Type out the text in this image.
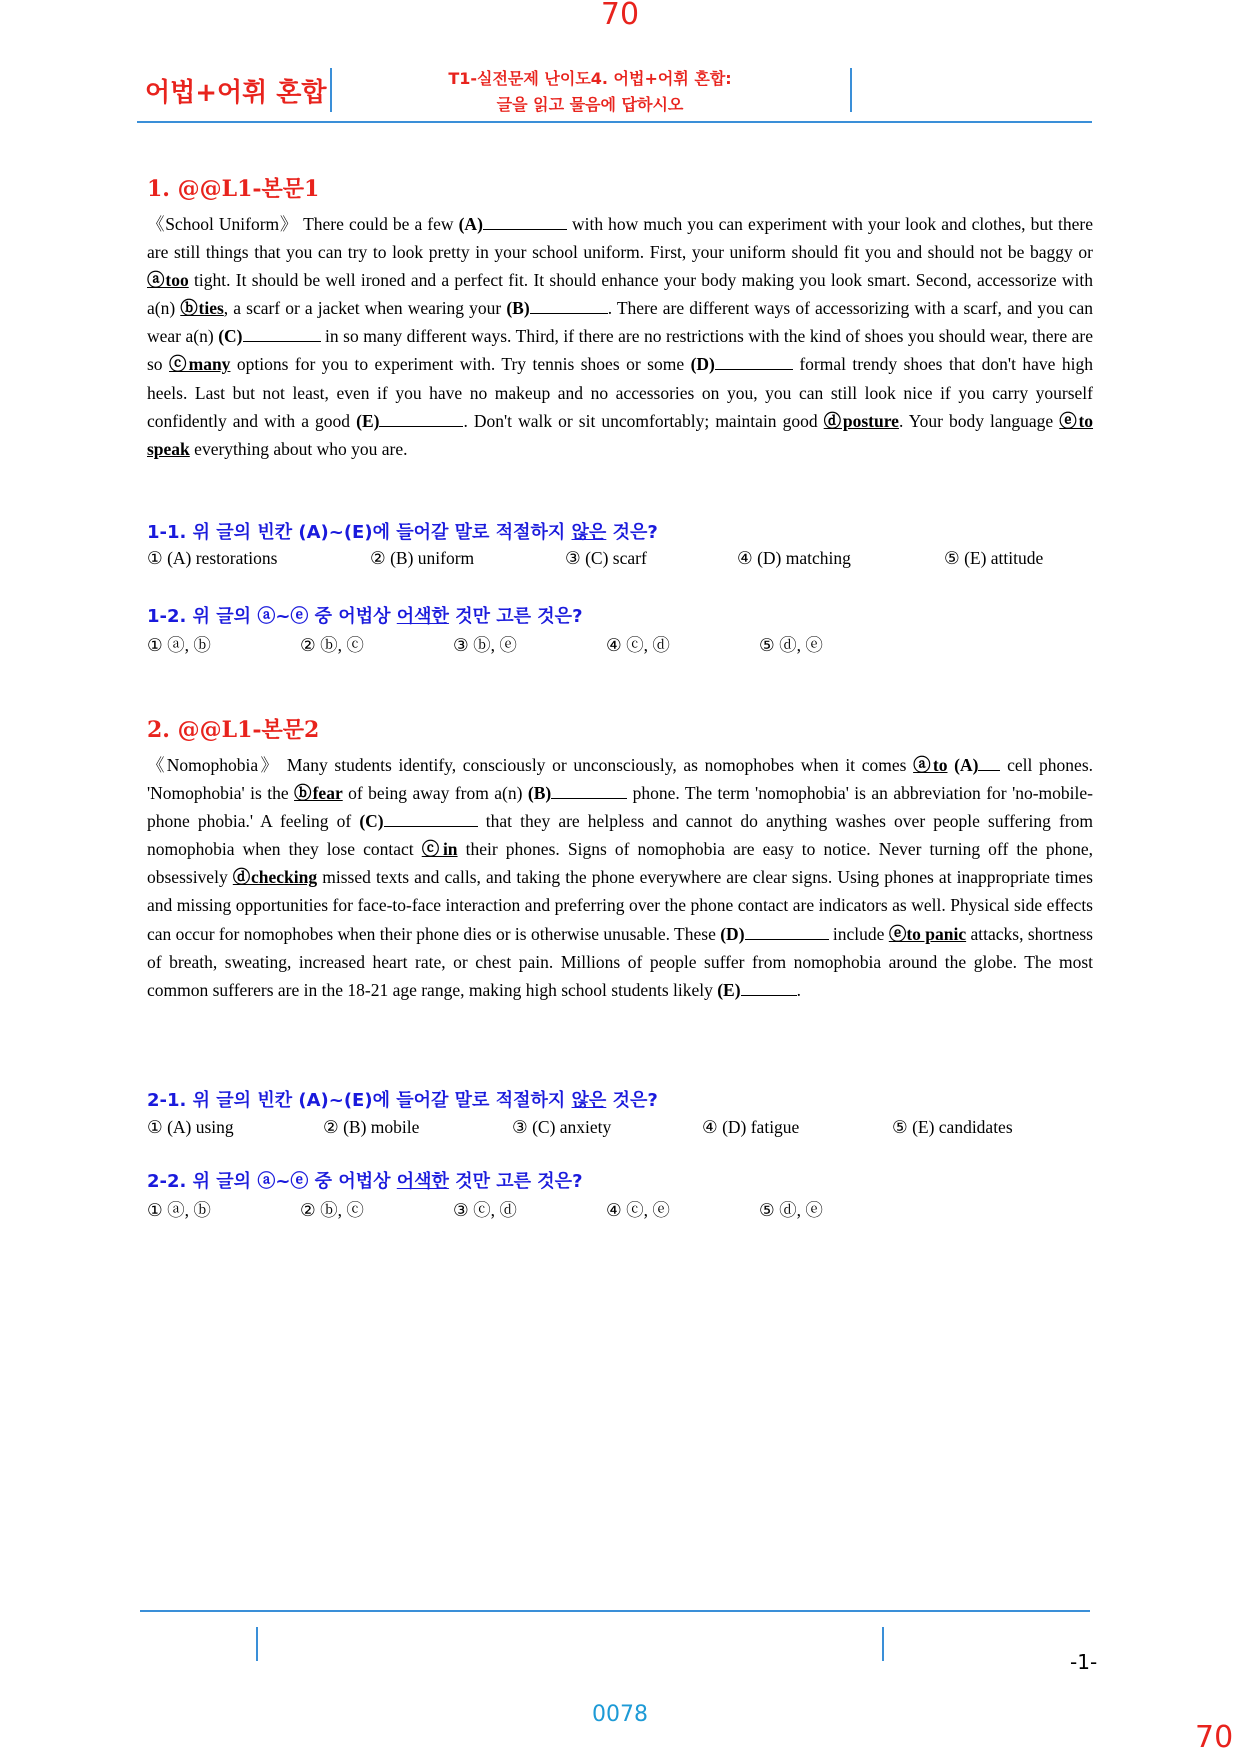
70
어법+어휘 혼합	T1-실전문제 난이도4. 어법+어휘 혼합:
글을 읽고 물음에 답하시오
1. @@L1-본문1
《School Uniform》 There could be a few (A)	with how much you can experiment with your look and clothes, but there are still things that you can try to look pretty in your school uniform. First, your uniform should fit you and should not be baggy or ⓐtoo tight. It should be well ironed and a perfect fit. It should enhance your body making you look smart. Second, accessorize with a(n) ⓑties, a scarf or a jacket when wearing your (B)	. There are different ways of accessorizing with a scarf, and you can wear a(n) (C)	in so many different ways. Third, if there are no restrictions with the kind of shoes you should wear, there are so ⓒmany options for you to experiment with. Try tennis shoes or some (D)	formal trendy shoes that don't have high heels. Last but not least, even if you have no makeup and no accessories on you, you can still look nice if you carry yourself confidently and with a good (E)	. Don't walk or sit uncomfortably; maintain good ⓓposture. Your body language ⓔto speak everything about who you are.
1-1. 위 글의 빈칸 (A)~(E)에 들어갈 말로 적절하지 않은 것은?
① (A) restorations	② (B) uniform	③ (C) scarf	④ (D) matching	⑤ (E) attitude
1-2. 위 글의 ⓐ~ⓔ 중 어법상 어색한 것만 고른 것은?
① ⓐ, ⓑ	② ⓑ, ⓒ	③ ⓑ, ⓔ	④ ⓒ, ⓓ	⑤ ⓓ, ⓔ
2. @@L1-본문2
《Nomophobia》 Many students identify, consciously or unconsciously, as nomophobes when it comes ⓐto (A) cell phones. 'Nomophobia' is the ⓑfear of being away from a(n) (B)	phone. The term 'nomophobia' is an abbreviation for 'no-mobile-phone phobia.' A feeling of (C)	that they are helpless and cannot do anything washes over people suffering from nomophobia when they lose contact ⓒin their phones. Signs of nomophobia are easy to notice. Never turning off the phone, obsessively ⓓchecking missed texts and calls, and taking the phone everywhere are clear signs. Using phones at inappropriate times and missing opportunities for face-to-face interaction and preferring over the phone contact are indicators as well. Physical side effects can occur for nomophobes when their phone dies or is otherwise unusable. These (D)	include ⓔto panic attacks, shortness of breath, sweating, increased heart rate, or chest pain. Millions of people suffer from nomophobia around the globe. The most common sufferers are in the 18-21 age range, making high school students likely (E)	.
2-1. 위 글의 빈칸 (A)~(E)에 들어갈 말로 적절하지 않은 것은?
① (A) using	② (B) mobile	③ (C) anxiety	④ (D) fatigue	⑤ (E) candidates
2-2. 위 글의 ⓐ~ⓔ 중 어법상 어색한 것만 고른 것은?
① ⓐ, ⓑ	② ⓑ, ⓒ	③ ⓒ, ⓓ	④ ⓒ, ⓔ	⑤ ⓓ, ⓔ
-1-
0078
70
